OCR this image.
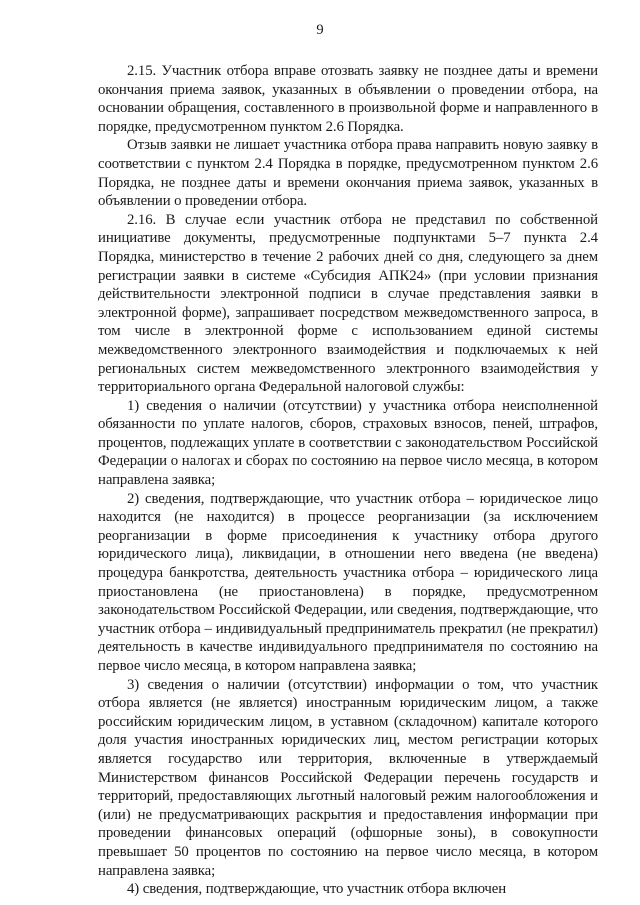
9

2.15. Участник отбора вправе отозвать заявку не позднее даты и времени окончания приема заявок, указанных в объявлении о проведении отбора, на основании обращения, составленного в произвольной форме и направленного в порядке, предусмотренном пунктом 2.6 Порядка.

Отзыв заявки не лишает участника отбора права направить новую заявку в соответствии с пунктом 2.4 Порядка в порядке, предусмотренном пунктом 2.6 Порядка, не позднее даты и времени окончания приема заявок, указанных в объявлении о проведении отбора.

2.16. В случае если участник отбора не представил по собственной инициативе документы, предусмотренные подпунктами 5–7 пункта 2.4 Порядка, министерство в течение 2 рабочих дней со дня, следующего за днем регистрации заявки в системе «Субсидия АПК24» (при условии признания действительности электронной подписи в случае представления заявки в электронной форме), запрашивает посредством межведомственного запроса, в том числе в электронной форме с использованием единой системы межведомственного электронного взаимодействия и подключаемых к ней региональных систем межведомственного электронного взаимодействия у территориального органа Федеральной налоговой службы:

1) сведения о наличии (отсутствии) у участника отбора неисполненной обязанности по уплате налогов, сборов, страховых взносов, пеней, штрафов, процентов, подлежащих уплате в соответствии с законодательством Российской Федерации о налогах и сборах по состоянию на первое число месяца, в котором направлена заявка;

2) сведения, подтверждающие, что участник отбора – юридическое лицо находится (не находится) в процессе реорганизации (за исключением реорганизации в форме присоединения к участнику отбора другого юридического лица), ликвидации, в отношении него введена (не введена) процедура банкротства, деятельность участника отбора – юридического лица приостановлена (не приостановлена) в порядке, предусмотренном законодательством Российской Федерации, или сведения, подтверждающие, что участник отбора – индивидуальный предприниматель прекратил (не прекратил) деятельность в качестве индивидуального предпринимателя по состоянию на первое число месяца, в котором направлена заявка;

3) сведения о наличии (отсутствии) информации о том, что участник отбора является (не является) иностранным юридическим лицом, а также российским юридическим лицом, в уставном (складочном) капитале которого доля участия иностранных юридических лиц, местом регистрации которых является государство или территория, включенные в утверждаемый Министерством финансов Российской Федерации перечень государств и территорий, предоставляющих льготный налоговый режим налогообложения и (или) не предусматривающих раскрытия и предоставления информации при проведении финансовых операций (офшорные зоны), в совокупности превышает 50 процентов по состоянию на первое число месяца, в котором направлена заявка;

4) сведения, подтверждающие, что участник отбора включен
